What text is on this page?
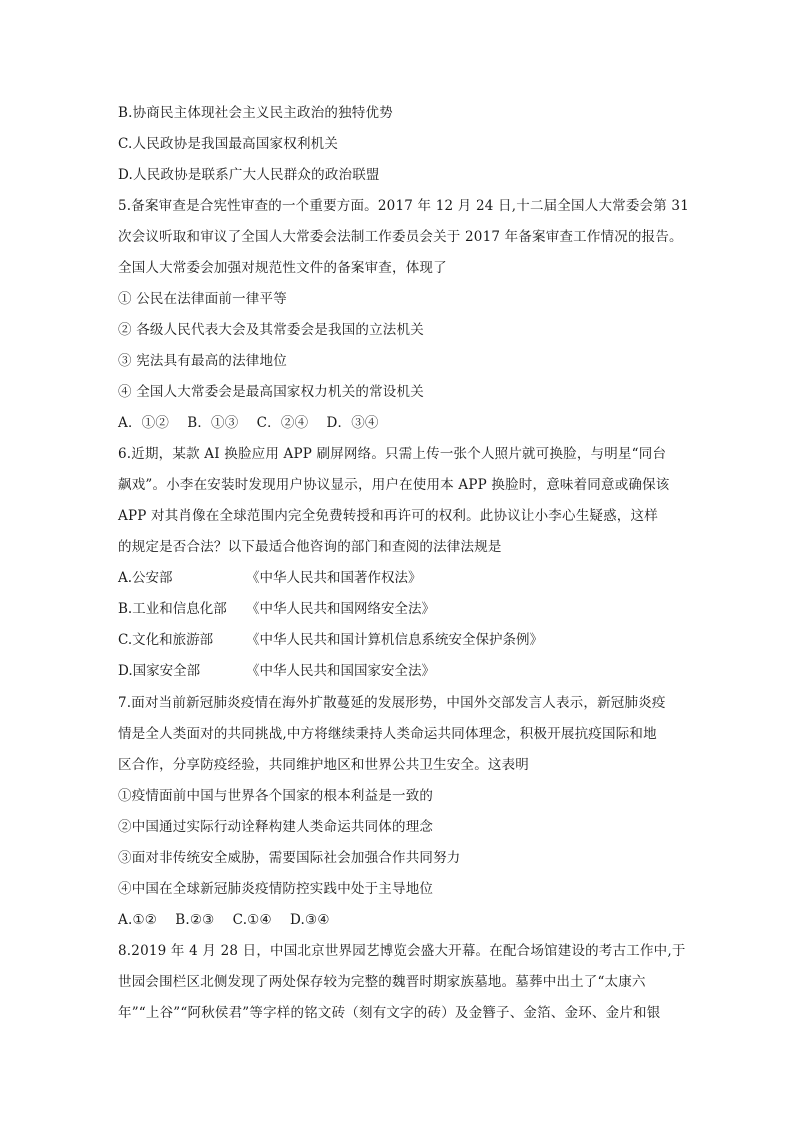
B.协商民主体现社会主义民主政治的独特优势
C.人民政协是我国最高国家权利机关
D.人民政协是联系广大人民群众的政治联盟
5.备案审查是合宪性审查的一个重要方面。2017 年 12 月 24 日,十二届全国人大常委会第 31
次会议听取和审议了全国人大常委会法制工作委员会关于 2017 年备案审查工作情况的报告。
全国人大常委会加强对规范性文件的备案审查，体现了
① 公民在法律面前一律平等
② 各级人民代表大会及其常委会是我国的立法机关
③ 宪法具有最高的法律地位
④ 全国人大常委会是最高国家权力机关的常设机关
A．①②　 B．①③　 C．②④　 D．③④
6.近期，某款 AI 换脸应用 APP 刷屏网络。只需上传一张个人照片就可换脸，与明星“同台
飙戏”。小李在安装时发现用户协议显示，用户在使用本 APP 换脸时，意味着同意或确保该
APP 对其肖像在全球范围内完全免费转授和再许可的权利。此协议让小李心生疑惑，这样
的规定是否合法？以下最适合他咨询的部门和查阅的法律法规是
A.公安部	《中华人民共和国著作权法》
B.工业和信息化部 《中华人民共和国网络安全法》
C.文化和旅游部 《中华人民共和国计算机信息系统安全保护条例》
D.国家安全部	《中华人民共和国国家安全法》
7.面对当前新冠肺炎疫情在海外扩散蔓延的发展形势，中国外交部发言人表示，新冠肺炎疫
情是全人类面对的共同挑战,中方将继续秉持人类命运共同体理念，积极开展抗疫国际和地
区合作，分享防疫经验，共同维护地区和世界公共卫生安全。这表明
①疫情面前中国与世界各个国家的根本利益是一致的
②中国通过实际行动诠释构建人类命运共同体的理念
③面对非传统安全威胁，需要国际社会加强合作共同努力
④中国在全球新冠肺炎疫情防控实践中处于主导地位
A.①②　 B.②③　 C.①④　 D.③④
8.2019 年 4 月 28 日，中国北京世界园艺博览会盛大开幕。在配合场馆建设的考古工作中,于
世园会围栏区北侧发现了两处保存较为完整的魏晋时期家族墓地。墓葬中出土了“太康六
年”“上谷”“阿秋侯君”等字样的铭文砖（刻有文字的砖）及金簪子、金箔、金环、金片和银
